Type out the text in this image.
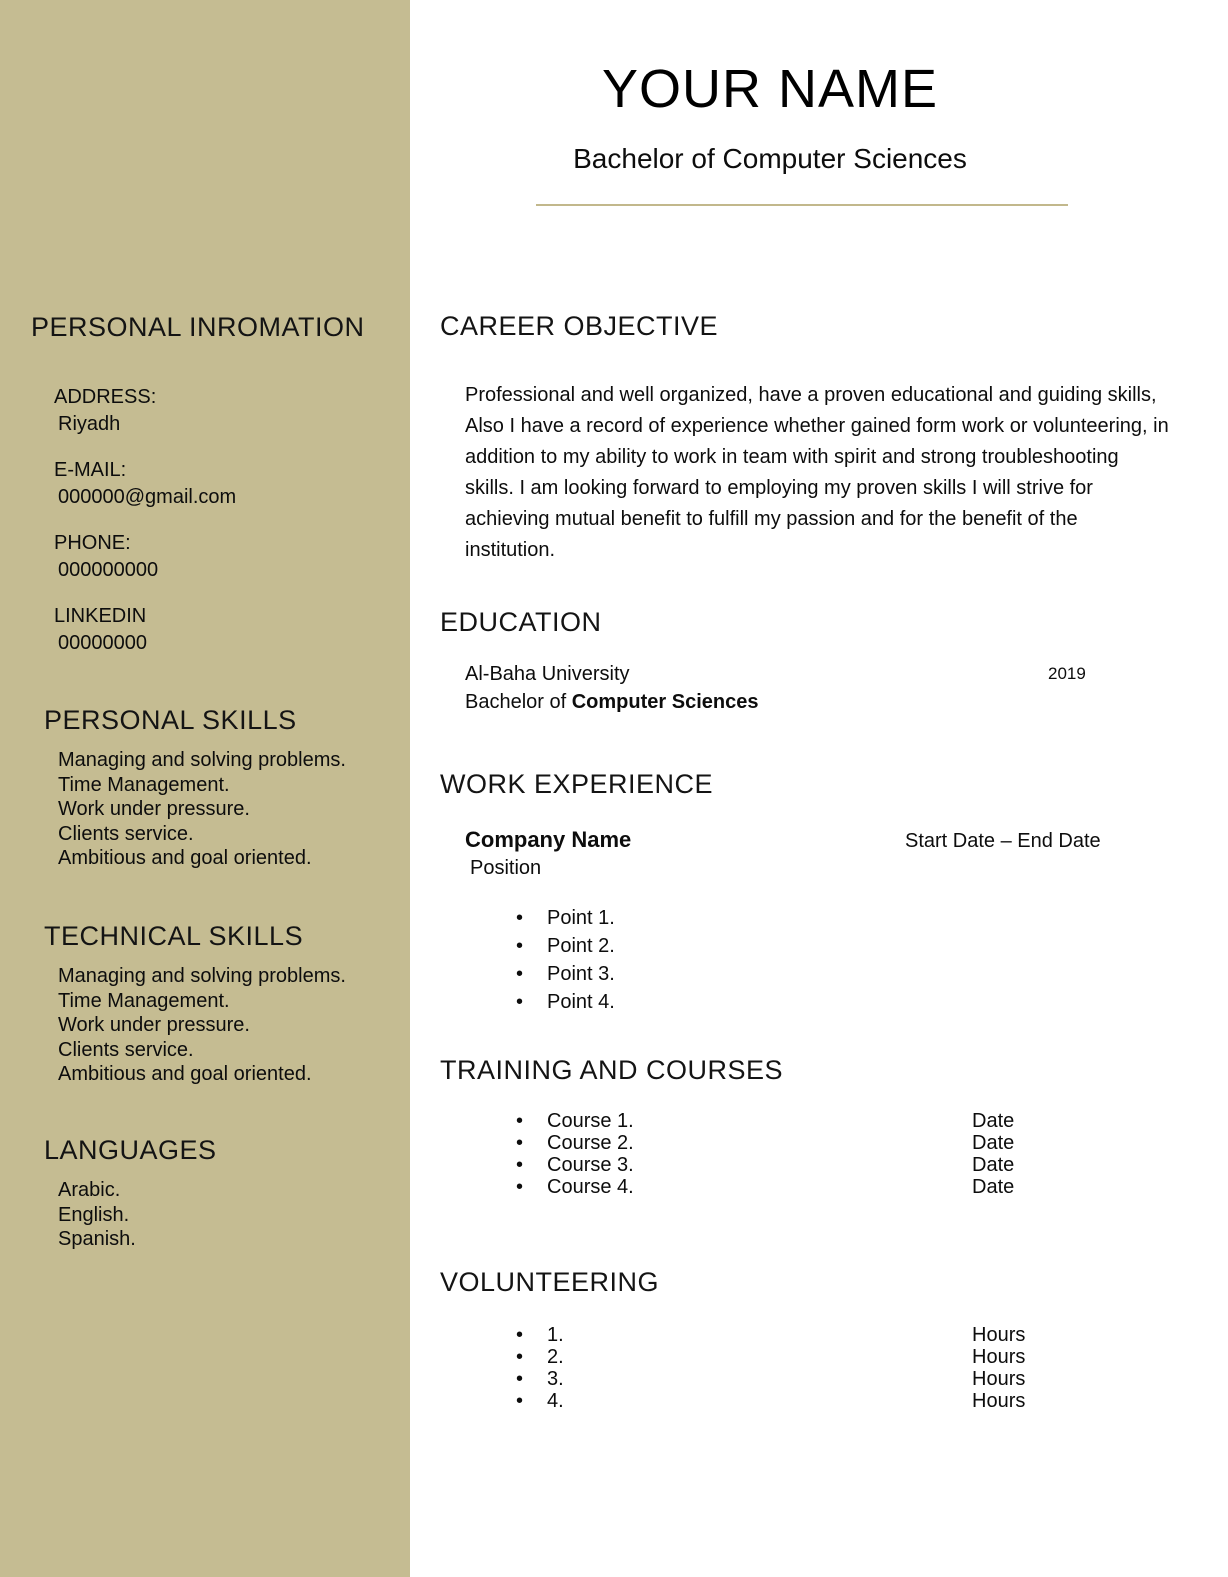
PERSONAL INROMATION
ADDRESS:
Riyadh
E-MAIL:
000000@gmail.com
PHONE:
000000000
LINKEDIN
00000000
PERSONAL SKILLS
Managing and solving problems.
Time Management.
Work under pressure.
Clients service.
Ambitious and goal oriented.
TECHNICAL SKILLS
Managing and solving problems.
Time Management.
Work under pressure.
Clients service.
Ambitious and goal oriented.
LANGUAGES
Arabic.
English.
Spanish.
YOUR NAME
Bachelor of Computer Sciences
CAREER OBJECTIVE

Professional and well organized, have a proven educational and guiding skills, Also I have a record of experience whether gained form work or volunteering, in addition to my ability to work in team with spirit and strong troubleshooting skills. I am looking forward to employing my proven skills I will strive for achieving mutual benefit to fulfill my passion and for the benefit of the institution.

EDUCATION
Al-Baha University	2019
Bachelor of Computer Sciences
WORK EXPERIENCE
Company Name	Start Date – End Date
Position
• Point 1.
• Point 2.
• Point 3.
• Point 4.
TRAINING AND COURSES
• Course 1.	Date
• Course 2.	Date
• Course 3.	Date
• Course 4.	Date
VOLUNTEERING
• 1.	Hours
• 2.	Hours
• 3.	Hours
• 4.	Hours
